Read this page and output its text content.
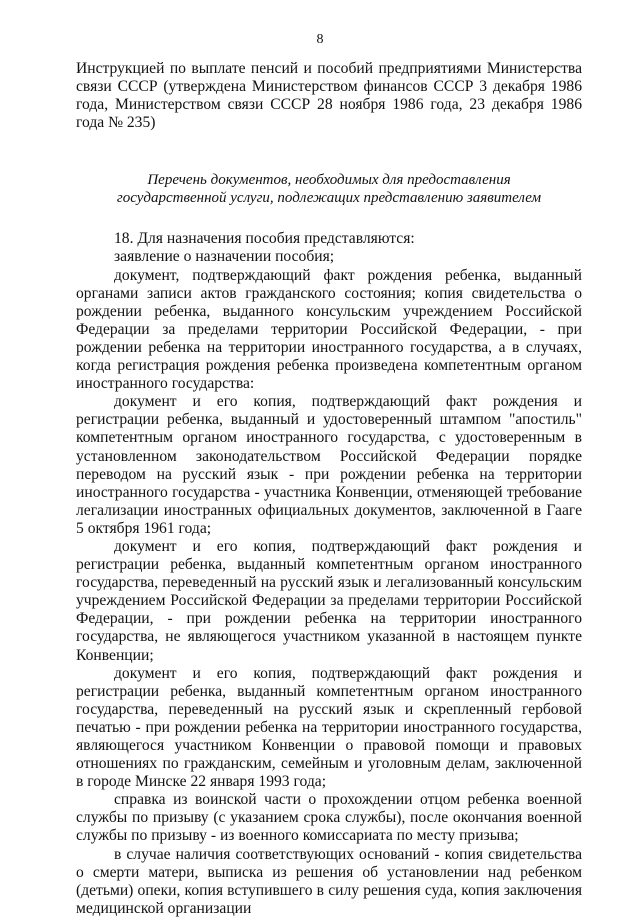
8

Инструкцией по выплате пенсий и пособий предприятиями Министерства связи СССР (утверждена Министерством финансов СССР 3 декабря 1986 года, Министерством связи СССР 28 ноября 1986 года, 23 декабря 1986 года № 235)

Перечень документов, необходимых для предоставления
государственной услуги, подлежащих представлению заявителем

18. Для назначения пособия представляются:

заявление о назначении пособия;

документ, подтверждающий факт рождения ребенка, выданный органами записи актов гражданского состояния; копия свидетельства о рождении ребенка, выданного консульским учреждением Российской Федерации за пределами территории Российской Федерации, - при рождении ребенка на территории иностранного государства, а в случаях, когда регистрация рождения ребенка произведена компетентным органом иностранного государства:

документ и его копия, подтверждающий факт рождения и регистрации ребенка, выданный и удостоверенный штампом "апостиль" компетентным органом иностранного государства, с удостоверенным в установленном законодательством Российской Федерации порядке переводом на русский язык - при рождении ребенка на территории иностранного государства - участника Конвенции, отменяющей требование легализации иностранных официальных документов, заключенной в Гааге 5 октября 1961 года;

документ и его копия, подтверждающий факт рождения и регистрации ребенка, выданный компетентным органом иностранного государства, переведенный на русский язык и легализованный консульским учреждением Российской Федерации за пределами территории Российской Федерации, - при рождении ребенка на территории иностранного государства, не являющегося участником указанной в настоящем пункте Конвенции;

документ и его копия, подтверждающий факт рождения и регистрации ребенка, выданный компетентным органом иностранного государства, переведенный на русский язык и скрепленный гербовой печатью - при рождении ребенка на территории иностранного государства, являющегося участником Конвенции о правовой помощи и правовых отношениях по гражданским, семейным и уголовным делам, заключенной в городе Минске 22 января 1993 года;

справка из воинской части о прохождении отцом ребенка военной службы по призыву (с указанием срока службы), после окончания военной службы по призыву - из военного комиссариата по месту призыва;

в случае наличия соответствующих оснований - копия свидетельства о смерти матери, выписка из решения об установлении над ребенком (детьми) опеки, копия вступившего в силу решения суда, копия заключения медицинской организации
